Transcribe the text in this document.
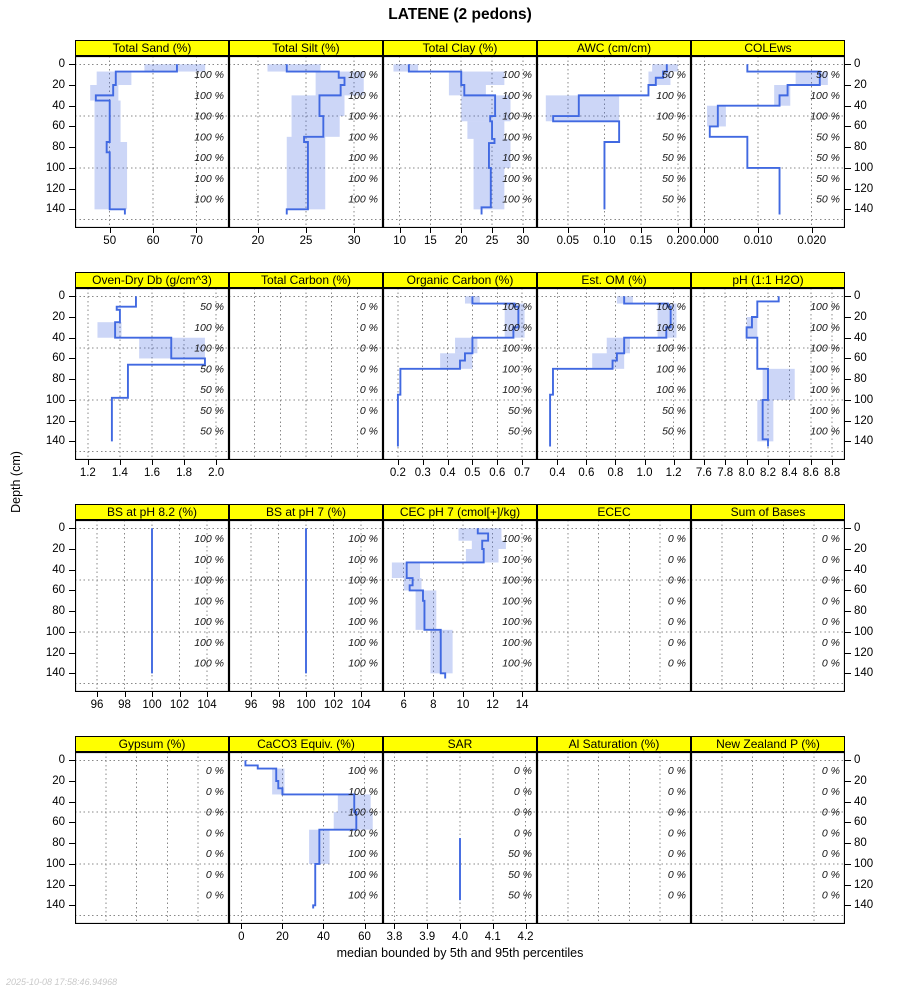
LATENE (2 pedons)
Depth (cm)
Total Sand (%)
100 %
100 %
100 %
100 %
100 %
100 %
100 %
50	60	70
Total Silt (%)
100 %
100 %
100 %
100 %
100 %
100 %
100 %
20	25	30
Total Clay (%)
100 %
100 %
100 %
100 %
100 %
100 %
100 %
10 15 20 25 30
AWC (cm/cm)
50 %
100 %
100 %
50 %
50 %
50 %
50 %
0.05 0.10 0.15 0.20
COLEws
50 %
100 %
100 %
50 %
50 %
50 %
50 %
0.000 0.010 0.020
Oven-Dry Db (g/cm^3)
50 %
100 %
100 %
50 %
50 %
50 %
50 %
1.2 1.4 1.6 1.8 2.0
Total Carbon (%)
0 %
0 %
0 %
0 %
0 %
0 %
0 %
Organic Carbon (%)
100 %
100 %
100 %
100 %
100 %
50 %
50 %
0.2 0.3 0.4 0.5 0.6 0.7
Est. OM (%)
100 %
100 %
100 %
100 %
100 %
50 %
50 %
0.4 0.6 0.8 1.0 1.2
pH (1:1 H2O)
100 %
100 %
100 %
100 %
100 %
100 %
100 %
7.6 7.8 8.0 8.2 8.4 8.6 8.8
BS at pH 8.2 (%)
100 %
100 %
100 %
100 %
100 %
100 %
100 %
96 98 100 102 104
BS at pH 7 (%)
100 %
100 %
100 %
100 %
100 %
100 %
100 %
96 98 100 102 104
CEC pH 7 (cmol[+]/kg)
100 %
100 %
100 %
100 %
100 %
100 %
100 %
6 8 10 12 14
ECEC
0 %
0 %
0 %
0 %
0 %
0 %
0 %
Sum of Bases
0 %
0 %
0 %
0 %
0 %
0 %
0 %
Gypsum (%)
0 %
0 %
0 %
0 %
0 %
0 %
0 %
CaCO3 Equiv. (%)
100 %
100 %
100 %
100 %
100 %
100 %
100 %
0	20 40 60
SAR
0 %
0 %
0 %
0 %
50 %
50 %
50 %
3.8 3.9 4.0 4.1 4.2
Al Saturation (%)
0 %
0 %
0 %
0 %
0 %
0 %
0 %
New Zealand P (%)
0 %
0 %
0 %
0 %
0 %
0 %
0 %
0	0
20	20
40	40
60	60
80	80
100	100
120	120
140	140
0	0
20	20
40	40
60	60
80	80
100	100
120	120
140	140
0	0
20	20
40	40
60	60
80	80
100	100
120	120
140	140
0	0
20	20
40	40
60	60
80	80
100	100
120	120
140	140
median bounded by 5th and 95th percentiles
2025-10-08 17:58:46.94968
